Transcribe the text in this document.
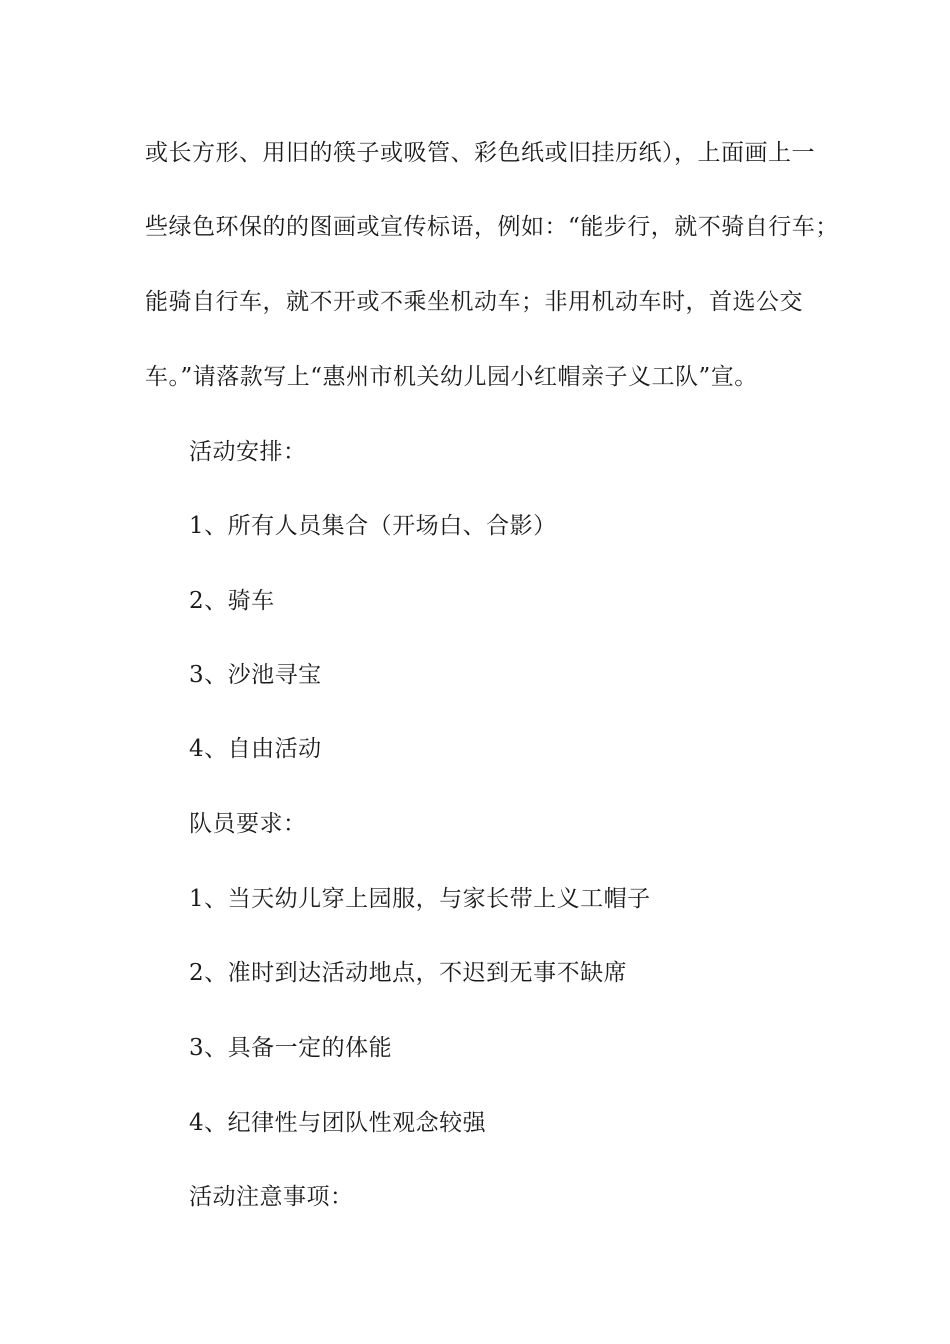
或长方形、用旧的筷子或吸管、彩色纸或旧挂历纸），上面画上一
些绿色环保的的图画或宣传标语，例如：“能步行，就不骑自行车；
能骑自行车，就不开或不乘坐机动车；非用机动车时，首选公交
车。”请落款写上“惠州市机关幼儿园小红帽亲子义工队”宣。
活动安排：
1、所有人员集合（开场白、合影）
2、骑车
3、沙池寻宝
4、自由活动
队员要求：
1、当天幼儿穿上园服，与家长带上义工帽子
2、准时到达活动地点，不迟到无事不缺席
3、具备一定的体能
4、纪律性与团队性观念较强
活动注意事项：
